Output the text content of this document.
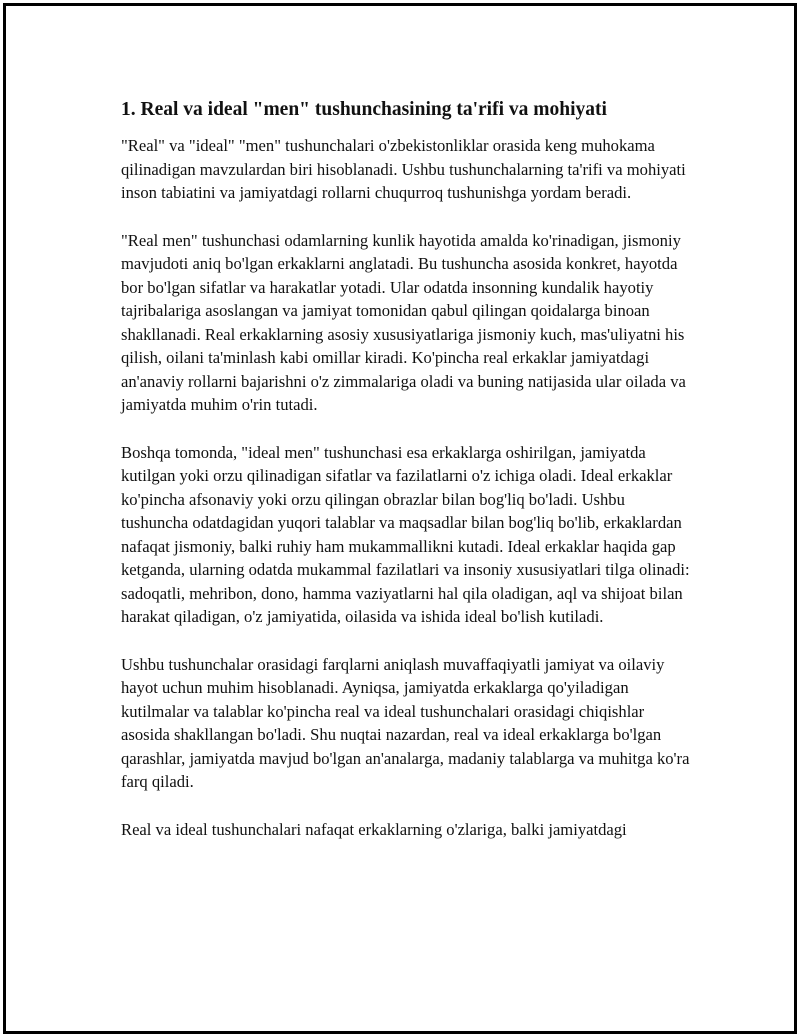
1. Real va ideal "men" tushunchasining ta'rifi va mohiyati

"Real" va "ideal" "men" tushunchalari o'zbekistonliklar orasida keng muhokama qilinadigan mavzulardan biri hisoblanadi. Ushbu tushunchalarning ta'rifi va mohiyati inson tabiatini va jamiyatdagi rollarni chuqurroq tushunishga yordam beradi.

"Real men" tushunchasi odamlarning kunlik hayotida amalda ko'rinadigan, jismoniy mavjudoti aniq bo'lgan erkaklarni anglatadi. Bu tushuncha asosida konkret, hayotda bor bo'lgan sifatlar va harakatlar yotadi. Ular odatda insonning kundalik hayotiy tajribalariga asoslangan va jamiyat tomonidan qabul qilingan qoidalarga binoan shakllanadi. Real erkaklarning asosiy xususiyatlariga jismoniy kuch, mas'uliyatni his qilish, oilani ta'minlash kabi omillar kiradi. Ko'pincha real erkaklar jamiyatdagi an'anaviy rollarni bajarishni o'z zimmalariga oladi va buning natijasida ular oilada va jamiyatda muhim o'rin tutadi.

Boshqa tomonda, "ideal men" tushunchasi esa erkaklarga oshirilgan, jamiyatda kutilgan yoki orzu qilinadigan sifatlar va fazilatlarni o'z ichiga oladi. Ideal erkaklar ko'pincha afsonaviy yoki orzu qilingan obrazlar bilan bog'liq bo'ladi. Ushbu tushuncha odatdagidan yuqori talablar va maqsadlar bilan bog'liq bo'lib, erkaklardan nafaqat jismoniy, balki ruhiy ham mukammallikni kutadi. Ideal erkaklar haqida gap ketganda, ularning odatda mukammal fazilatlari va insoniy xususiyatlari tilga olinadi: sadoqatli, mehribon, dono, hamma vaziyatlarni hal qila oladigan, aql va shijoat bilan harakat qiladigan, o'z jamiyatida, oilasida va ishida ideal bo'lish kutiladi.

Ushbu tushunchalar orasidagi farqlarni aniqlash muvaffaqiyatli jamiyat va oilaviy hayot uchun muhim hisoblanadi. Ayniqsa, jamiyatda erkaklarga qo'yiladigan kutilmalar va talablar ko'pincha real va ideal tushunchalari orasidagi chiqishlar asosida shakllangan bo'ladi. Shu nuqtai nazardan, real va ideal erkaklarga bo'lgan qarashlar, jamiyatda mavjud bo'lgan an'analarga, madaniy talablarga va muhitga ko'ra farq qiladi.

Real va ideal tushunchalari nafaqat erkaklarning o'zlariga, balki jamiyatdagi
